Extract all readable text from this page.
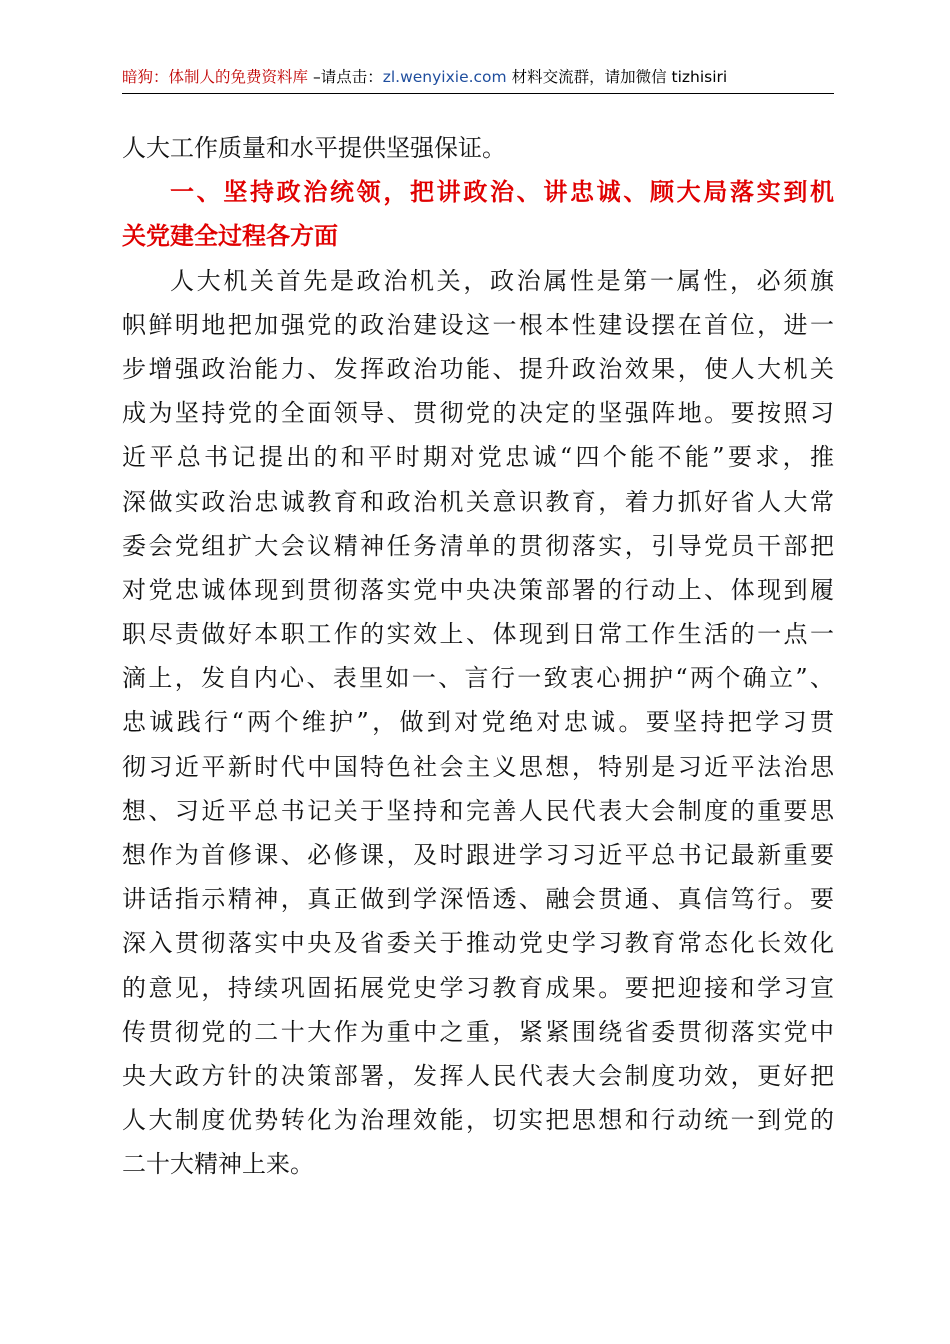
暗狗：体制人的免费资料库 –请点击：zl.wenyixie.com 材料交流群，请加微信 tizhisiri
人大工作质量和水平提供坚强保证。
一、坚持政治统领，把讲政治、讲忠诚、顾大局落实到机
关党建全过程各方面
人大机关首先是政治机关，政治属性是第一属性，必须旗
帜鲜明地把加强党的政治建设这一根本性建设摆在首位，进一
步增强政治能力、发挥政治功能、提升政治效果，使人大机关
成为坚持党的全面领导、贯彻党的决定的坚强阵地。要按照习
近平总书记提出的和平时期对党忠诚“四个能不能”要求，推
深做实政治忠诚教育和政治机关意识教育，着力抓好省人大常
委会党组扩大会议精神任务清单的贯彻落实，引导党员干部把
对党忠诚体现到贯彻落实党中央决策部署的行动上、体现到履
职尽责做好本职工作的实效上、体现到日常工作生活的一点一
滴上，发自内心、表里如一、言行一致衷心拥护“两个确立”、
忠诚践行“两个维护”，做到对党绝对忠诚。要坚持把学习贯
彻习近平新时代中国特色社会主义思想，特别是习近平法治思
想、习近平总书记关于坚持和完善人民代表大会制度的重要思
想作为首修课、必修课，及时跟进学习习近平总书记最新重要
讲话指示精神，真正做到学深悟透、融会贯通、真信笃行。要
深入贯彻落实中央及省委关于推动党史学习教育常态化长效化
的意见，持续巩固拓展党史学习教育成果。要把迎接和学习宣
传贯彻党的二十大作为重中之重，紧紧围绕省委贯彻落实党中
央大政方针的决策部署，发挥人民代表大会制度功效，更好把
人大制度优势转化为治理效能，切实把思想和行动统一到党的
二十大精神上来。
